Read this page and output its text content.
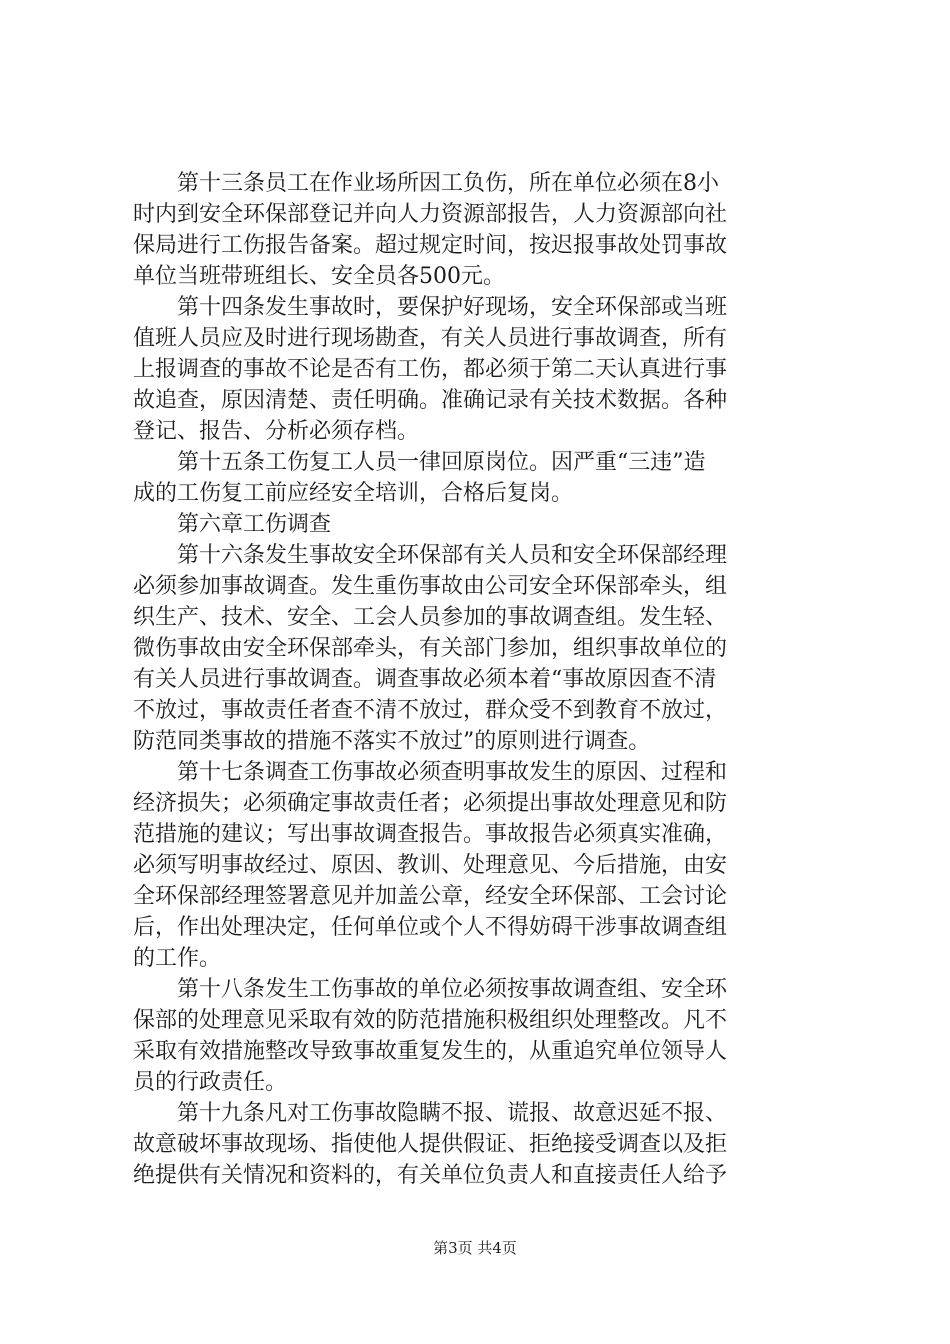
第十三条员工在作业场所因工负伤，所在单位必须在8小
时内到安全环保部登记并向人力资源部报告，人力资源部向社
保局进行工伤报告备案。超过规定时间，按迟报事故处罚事故
单位当班带班组长、安全员各500元。
第十四条发生事故时，要保护好现场，安全环保部或当班
值班人员应及时进行现场勘查，有关人员进行事故调查，所有
上报调查的事故不论是否有工伤，都必须于第二天认真进行事
故追查，原因清楚、责任明确。准确记录有关技术数据。各种
登记、报告、分析必须存档。
第十五条工伤复工人员一律回原岗位。因严重“三违”造
成的工伤复工前应经安全培训，合格后复岗。
第六章工伤调查
第十六条发生事故安全环保部有关人员和安全环保部经理
必须参加事故调查。发生重伤事故由公司安全环保部牵头，组
织生产、技术、安全、工会人员参加的事故调查组。发生轻、
微伤事故由安全环保部牵头，有关部门参加，组织事故单位的
有关人员进行事故调查。调查事故必须本着“事故原因查不清
不放过，事故责任者查不清不放过，群众受不到教育不放过，
防范同类事故的措施不落实不放过”的原则进行调查。
第十七条调查工伤事故必须查明事故发生的原因、过程和
经济损失；必须确定事故责任者；必须提出事故处理意见和防
范措施的建议；写出事故调查报告。事故报告必须真实准确，
必须写明事故经过、原因、教训、处理意见、今后措施，由安
全环保部经理签署意见并加盖公章，经安全环保部、工会讨论
后，作出处理决定，任何单位或个人不得妨碍干涉事故调查组
的工作。
第十八条发生工伤事故的单位必须按事故调查组、安全环
保部的处理意见采取有效的防范措施积极组织处理整改。凡不
采取有效措施整改导致事故重复发生的，从重追究单位领导人
员的行政责任。
第十九条凡对工伤事故隐瞒不报、谎报、故意迟延不报、
故意破坏事故现场、指使他人提供假证、拒绝接受调查以及拒
绝提供有关情况和资料的，有关单位负责人和直接责任人给予
第3页 共4页
